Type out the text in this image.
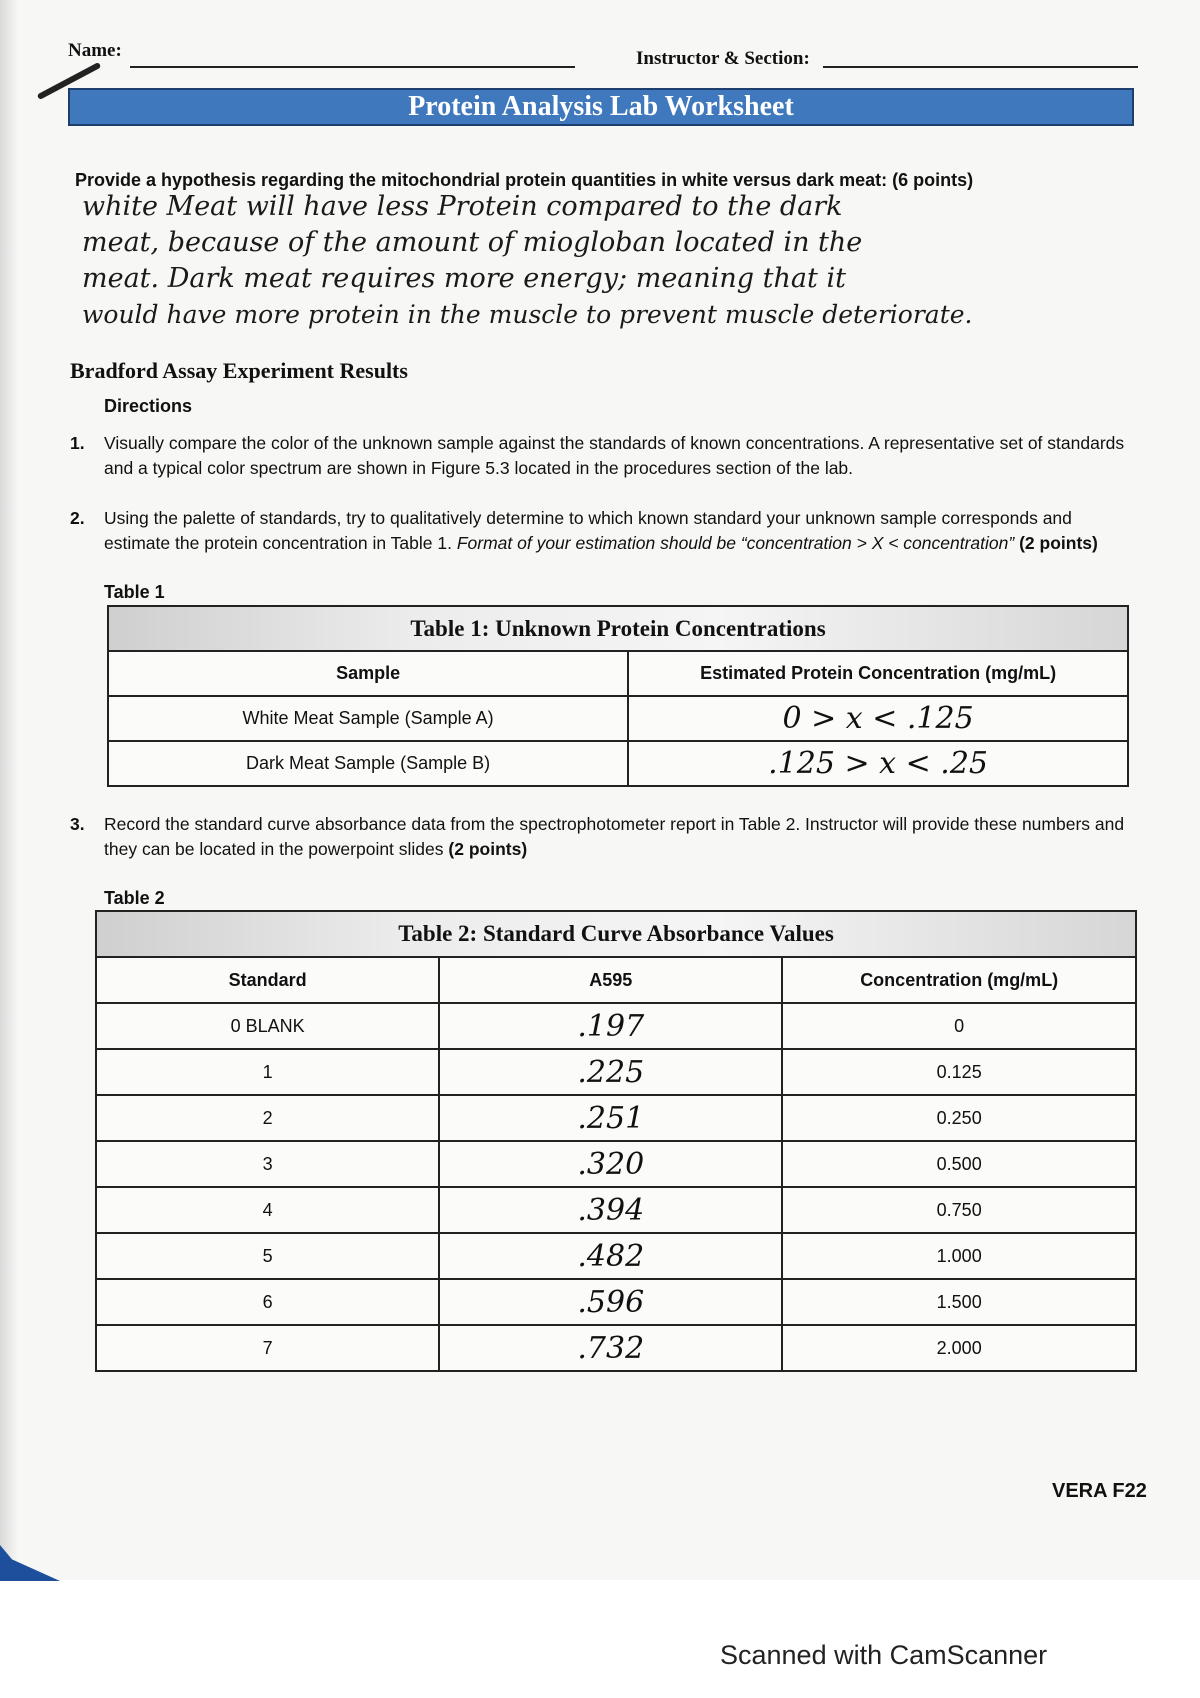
Name:	Instructor & Section:
Protein Analysis Lab Worksheet
Provide a hypothesis regarding the mitochondrial protein quantities in white versus dark meat: (6 points)
white Meat will have less Protein compared to the dark
meat, because of the amount of miogloban located in the
meat. Dark meat requires more energy; meaning that it
would have more protein in the muscle to prevent muscle deteriorate.
Bradford Assay Experiment Results
Directions
1.	Visually compare the color of the unknown sample against the standards of known concentrations. A representative set of standards and a typical color spectrum are shown in Figure 5.3 located in the procedures section of the lab.
2.	Using the palette of standards, try to qualitatively determine to which known standard your unknown sample corresponds and estimate the protein concentration in Table 1. Format of your estimation should be “concentration > X < concentration” (2 points)
Table 1
Table 1: Unknown Protein Concentrations	
Sample	Estimated Protein Concentration (mg/mL)
White Meat Sample (Sample A)	0 > x < .125
Dark Meat Sample (Sample B)	.125 > x < .25
3.	Record the standard curve absorbance data from the spectrophotometer report in Table 2. Instructor will provide these numbers and they can be located in the powerpoint slides (2 points)
Table 2
Table 2: Standard Curve Absorbance Values		
Standard	A595	Concentration (mg/mL)
0 BLANK	.197	0
1	.225	0.125
2	.251	0.250
3	.320	0.500
4	.394	0.750
5	.482	1.000
6	.596	1.500
7	.732	2.000
VERA F22
Scanned with CamScanner
